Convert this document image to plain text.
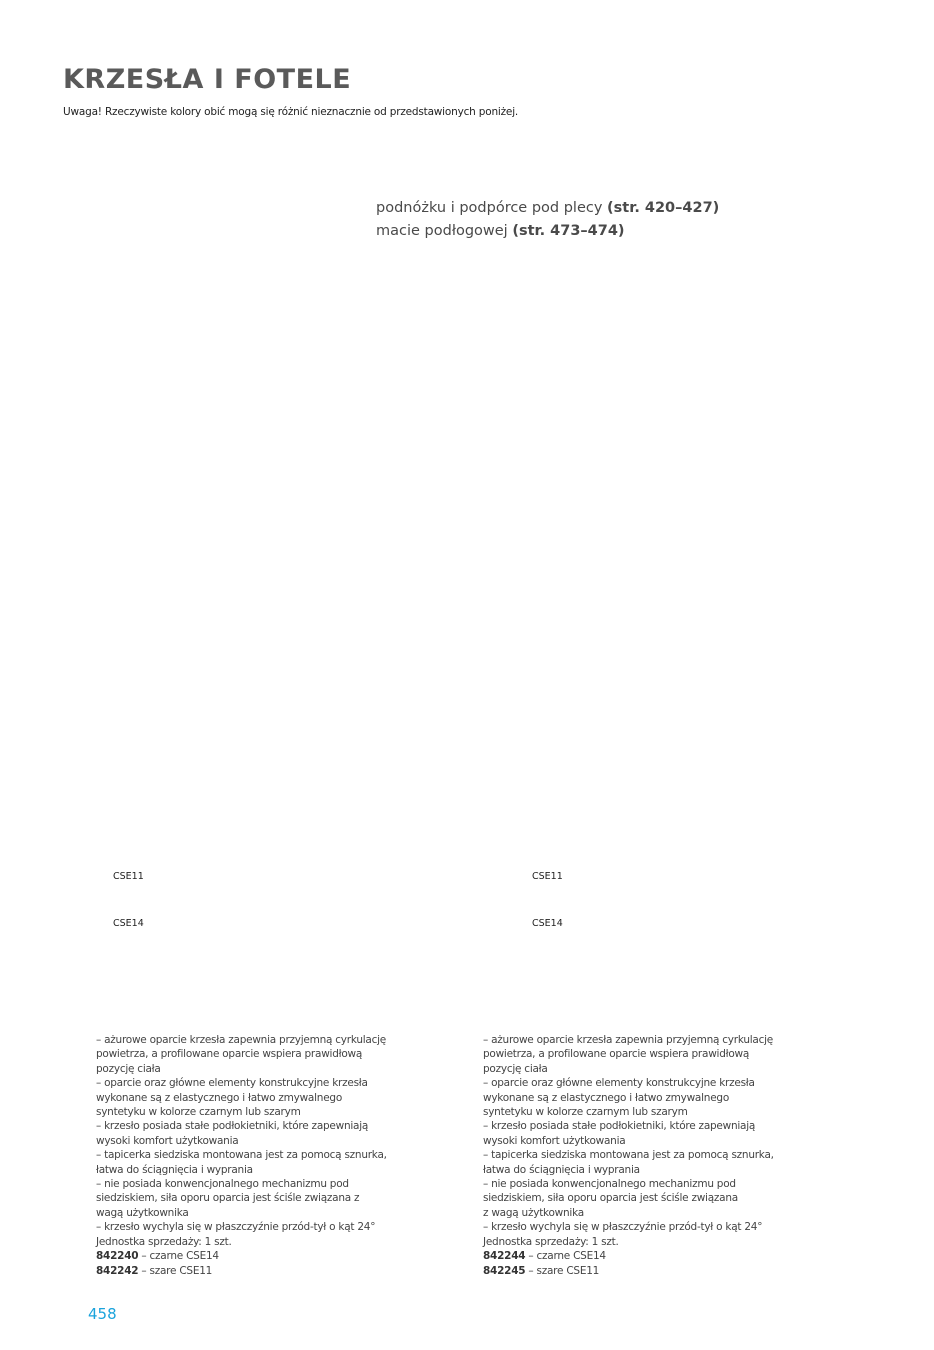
KRZESŁA I FOTELE
Uwaga! Rzeczywiste kolory obić mogą się różnić nieznacznie od przedstawionych poniżej.
podnóżku i podpórce pod plecy (str. 420–427)
macie podłogowej (str. 473–474)
CSE11
CSE14
CSE11
CSE14
– ażurowe oparcie krzesła zapewnia przyjemną cyrkulację
powietrza, a profilowane oparcie wspiera prawidłową
pozycję ciała
– oparcie oraz główne elementy konstrukcyjne krzesła
wykonane są z elastycznego i łatwo zmywalnego
syntetyku w kolorze czarnym lub szarym
– krzesło posiada stałe podłokietniki, które zapewniają
wysoki komfort użytkowania
– tapicerka siedziska montowana jest za pomocą sznurka,
łatwa do ściągnięcia i wyprania
– nie posiada konwencjonalnego mechanizmu pod
siedziskiem, siła oporu oparcia jest ściśle związana z
wagą użytkownika
– krzesło wychyla się w płaszczyźnie przód-tył o kąt 24°
Jednostka sprzedaży: 1 szt.
842240 – czarne CSE14
842242 – szare CSE11
– ażurowe oparcie krzesła zapewnia przyjemną cyrkulację
powietrza, a profilowane oparcie wspiera prawidłową
pozycję ciała
– oparcie oraz główne elementy konstrukcyjne krzesła
wykonane są z elastycznego i łatwo zmywalnego
syntetyku w kolorze czarnym lub szarym
– krzesło posiada stałe podłokietniki, które zapewniają
wysoki komfort użytkowania
– tapicerka siedziska montowana jest za pomocą sznurka,
łatwa do ściągnięcia i wyprania
– nie posiada konwencjonalnego mechanizmu pod
siedziskiem, siła oporu oparcia jest ściśle związana
z wagą użytkownika
– krzesło wychyla się w płaszczyźnie przód-tył o kąt 24°
Jednostka sprzedaży: 1 szt.
842244 – czarne CSE14
842245 – szare CSE11
458
